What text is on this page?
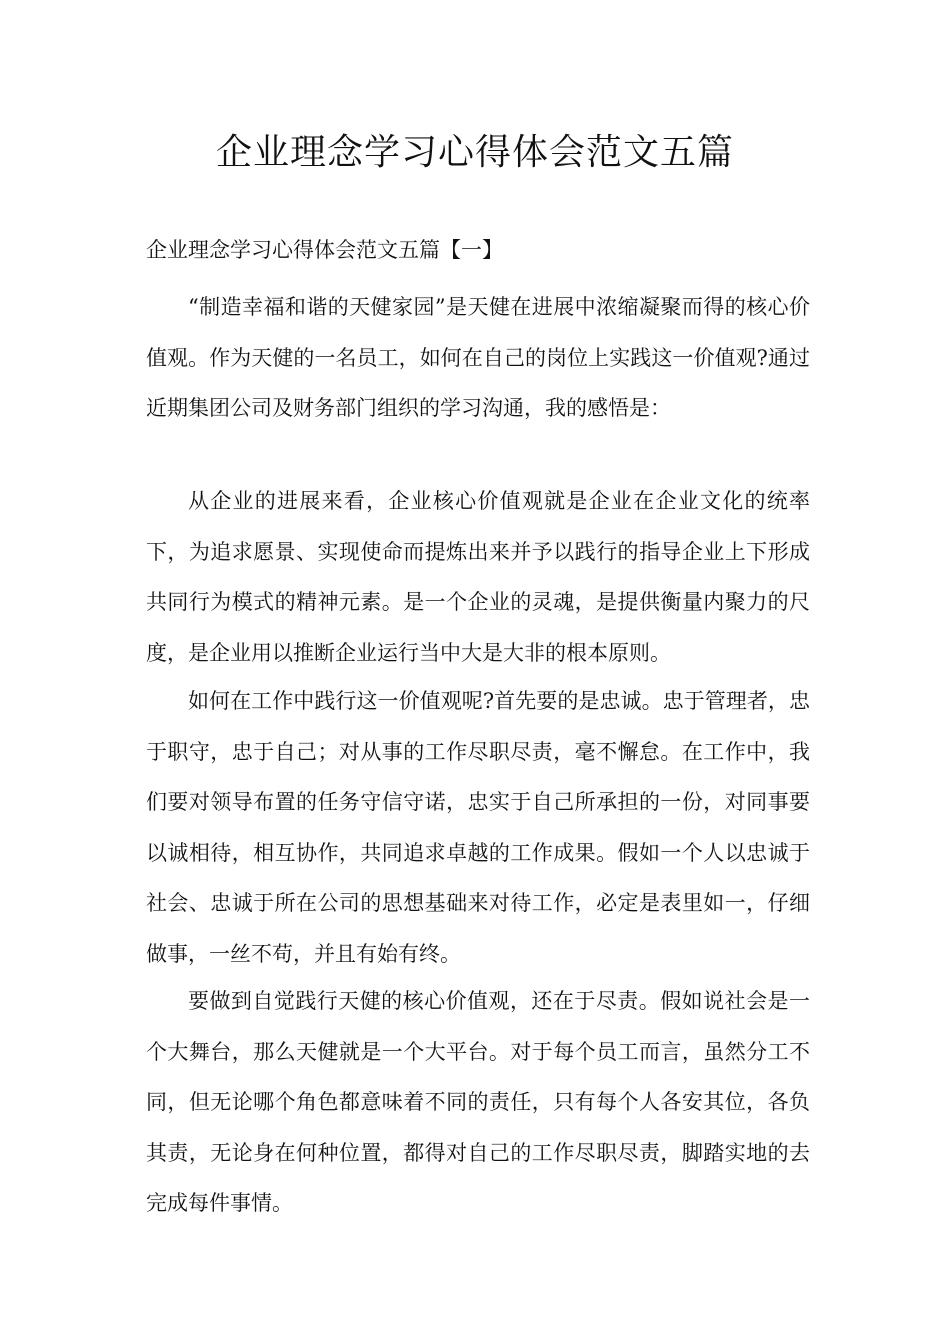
企业理念学习心得体会范文五篇

企业理念学习心得体会范文五篇【一】

“制造幸福和谐的天健家园”是天健在进展中浓缩凝聚而得的核心价值观。作为天健的一名员工，如何在自己的岗位上实践这一价值观?通过近期集团公司及财务部门组织的学习沟通，我的感悟是：

从企业的进展来看，企业核心价值观就是企业在企业文化的统率下，为追求愿景、实现使命而提炼出来并予以践行的指导企业上下形成共同行为模式的精神元素。是一个企业的灵魂，是提供衡量内聚力的尺度，是企业用以推断企业运行当中大是大非的根本原则。

如何在工作中践行这一价值观呢?首先要的是忠诚。忠于管理者，忠于职守，忠于自己；对从事的工作尽职尽责，毫不懈怠。在工作中，我们要对领导布置的任务守信守诺，忠实于自己所承担的一份，对同事要以诚相待，相互协作，共同追求卓越的工作成果。假如一个人以忠诚于社会、忠诚于所在公司的思想基础来对待工作，必定是表里如一，仔细做事，一丝不苟，并且有始有终。

要做到自觉践行天健的核心价值观，还在于尽责。假如说社会是一个大舞台，那么天健就是一个大平台。对于每个员工而言，虽然分工不同，但无论哪个角色都意味着不同的责任，只有每个人各安其位，各负其责，无论身在何种位置，都得对自己的工作尽职尽责，脚踏实地的去完成每件事情。
